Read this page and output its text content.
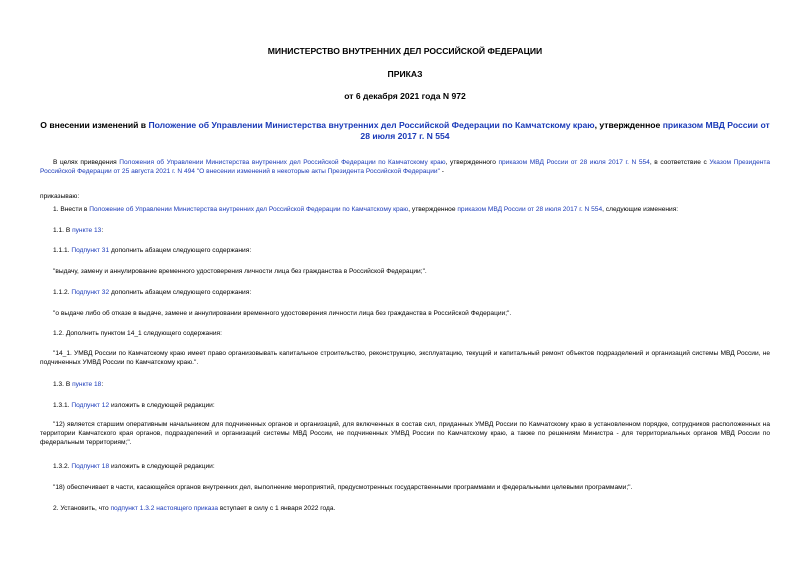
МИНИСТЕРСТВО ВНУТРЕННИХ ДЕЛ РОССИЙСКОЙ ФЕДЕРАЦИИ
ПРИКАЗ
от 6 декабря 2021 года N 972
О внесении изменений в Положение об Управлении Министерства внутренних дел Российской Федерации по Камчатскому краю, утвержденное приказом МВД России от 28 июля 2017 г. N 554
В целях приведения Положения об Управлении Министерства внутренних дел Российской Федерации по Камчатскому краю, утвержденного приказом МВД России от 28 июля 2017 г. N 554, в соответствие с Указом Президента Российской Федерации от 25 августа 2021 г. N 494 "О внесении изменений в некоторые акты Президента Российской Федерации" -
приказываю:
1. Внести в Положение об Управлении Министерства внутренних дел Российской Федерации по Камчатскому краю, утвержденное приказом МВД России от 28 июля 2017 г. N 554, следующие изменения:
1.1. В пункте 13:
1.1.1. Подпункт 31 дополнить абзацем следующего содержания:
"выдачу, замену и аннулирование временного удостоверения личности лица без гражданства в Российской Федерации;".
1.1.2. Подпункт 32 дополнить абзацем следующего содержания:
"о выдаче либо об отказе в выдаче, замене и аннулировании временного удостоверения личности лица без гражданства в Российской Федерации;".
1.2. Дополнить пунктом 14_1 следующего содержания:
"14_1. УМВД России по Камчатскому краю имеет право организовывать капитальное строительство, реконструкцию, эксплуатацию, текущий и капитальный ремонт объектов подразделений и организаций системы МВД России, не подчиненных УМВД России по Камчатскому краю.".
1.3. В пункте 18:
1.3.1. Подпункт 12 изложить в следующей редакции:
"12) является старшим оперативным начальником для подчиненных органов и организаций, для включенных в состав сил, приданных УМВД России по Камчатскому краю в установленном порядке, сотрудников расположенных на территории Камчатского края органов, подразделений и организаций системы МВД России, не подчиненных УМВД России по Камчатскому краю, а также по решениям Министра - для территориальных органов МВД России по федеральным территориям;".
1.3.2. Подпункт 18 изложить в следующей редакции:
"18) обеспечивает в части, касающейся органов внутренних дел, выполнение мероприятий, предусмотренных государственными программами и федеральными целевыми программами;".
2. Установить, что подпункт 1.3.2 настоящего приказа вступает в силу с 1 января 2022 года.
